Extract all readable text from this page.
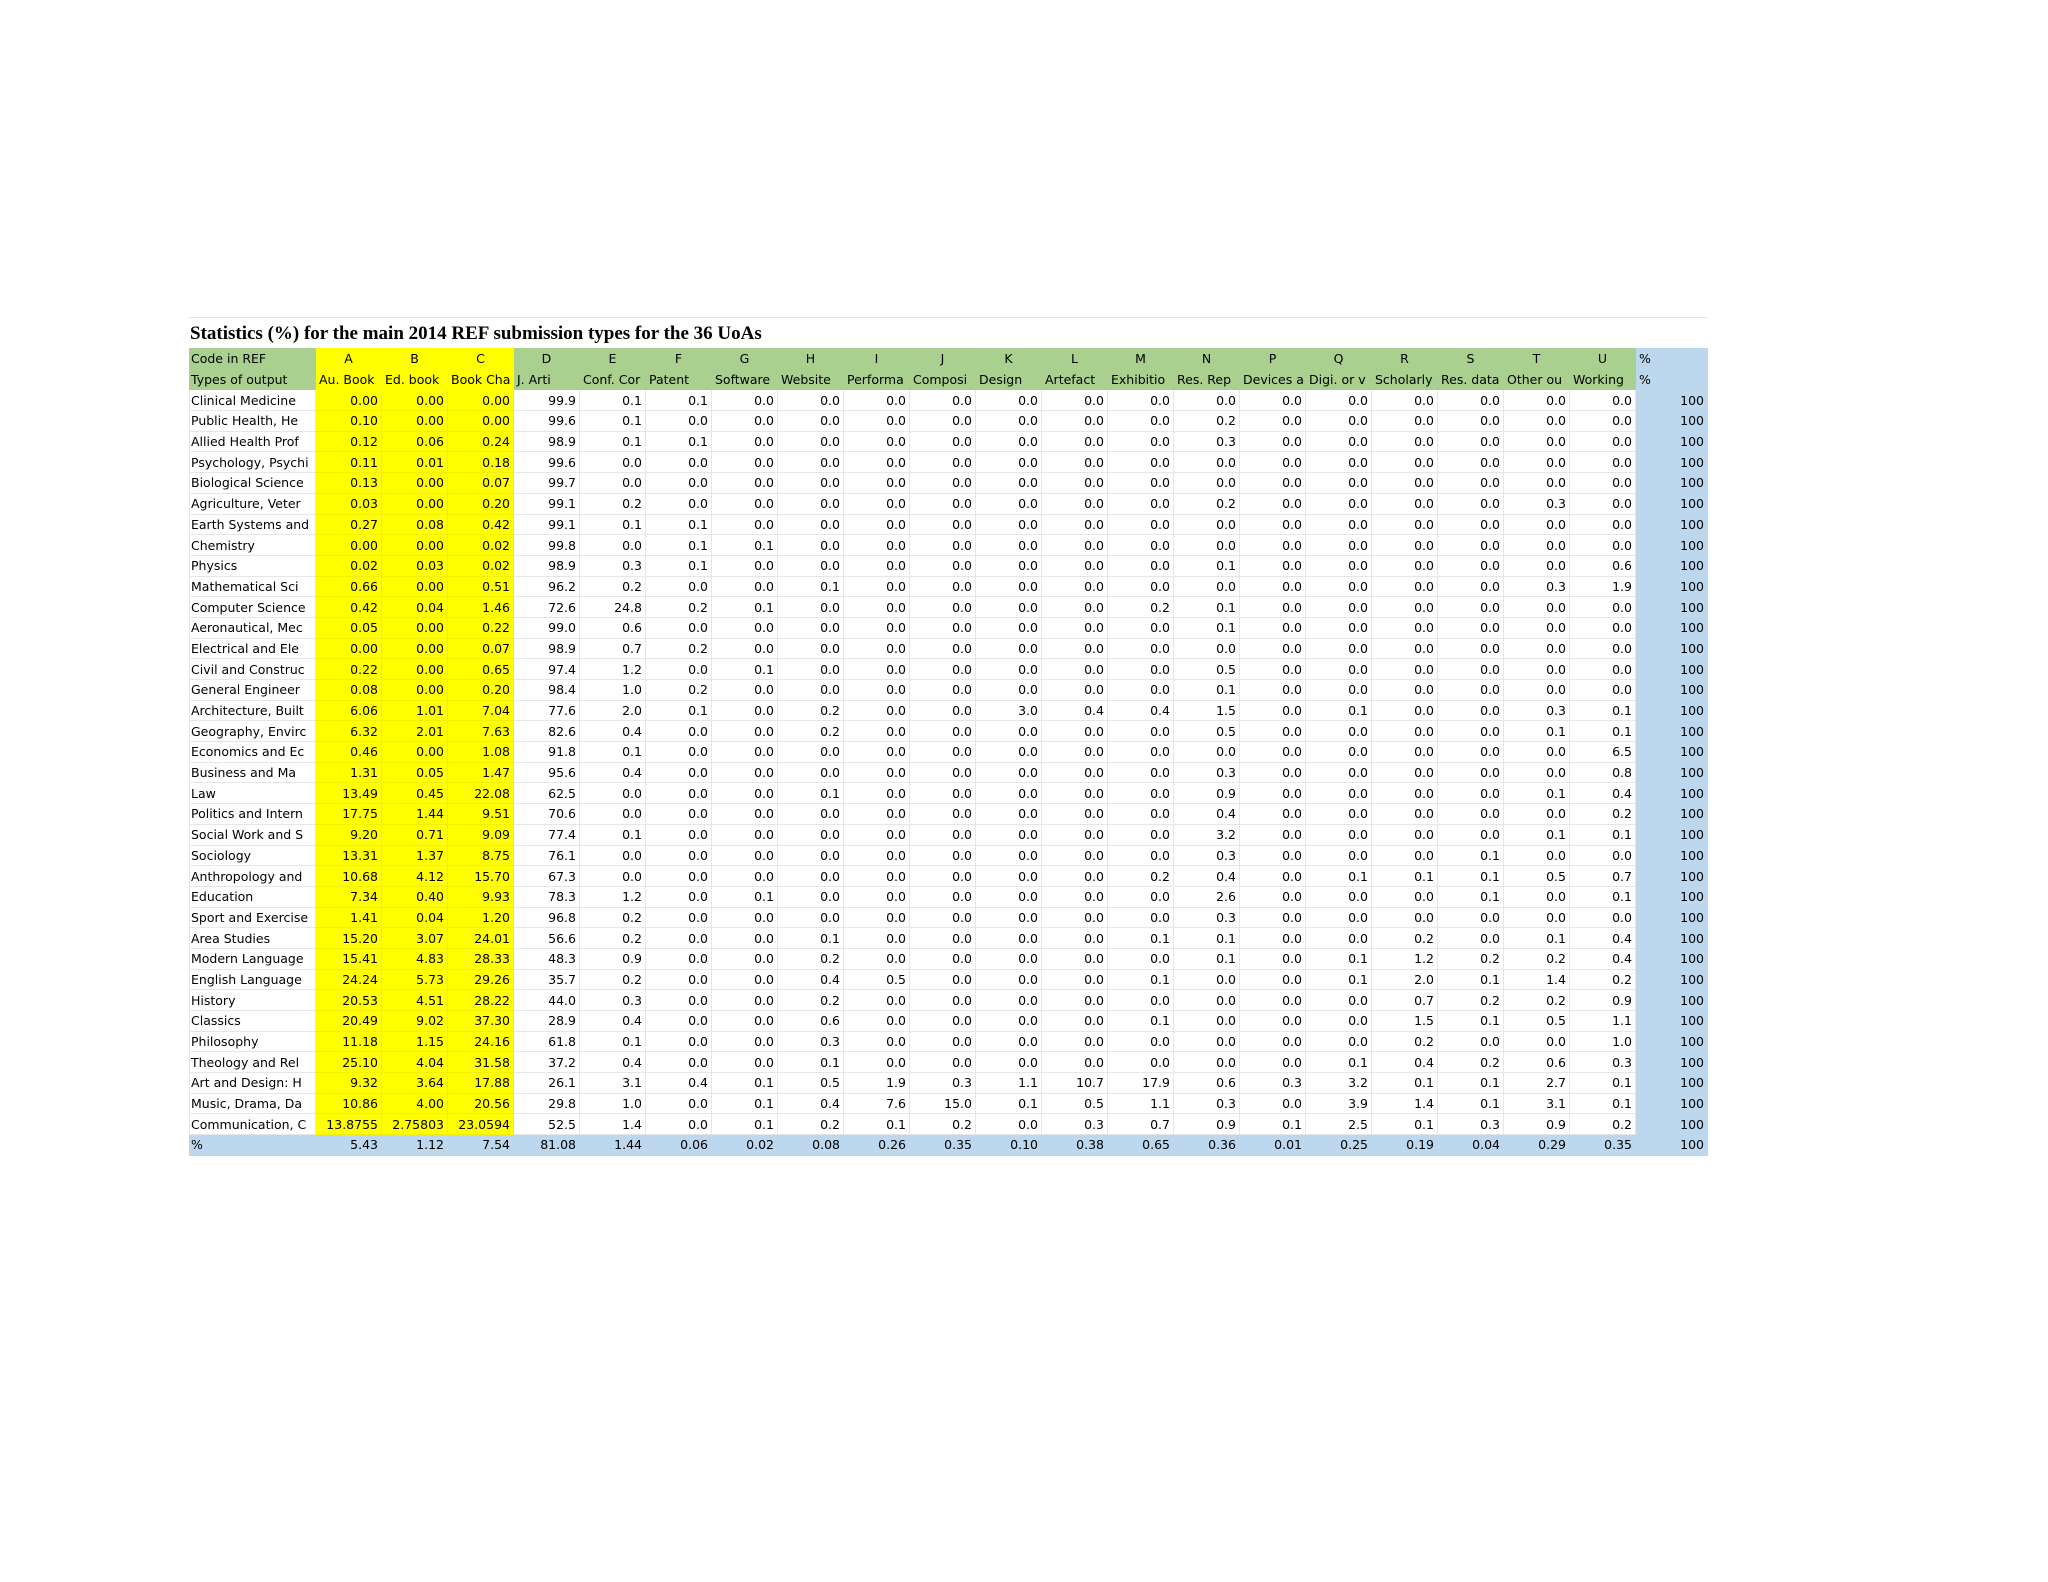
Statistics (%) for the main 2014 REF submission types for the 36 UoAs
Code in REF	A	B	C	D	E	F	G	H	I	J	K	L	M	N	P	Q	R	S	T	U	%
Types of output	Au. Book	Ed. book	Book Cha	J. Arti	Conf. Cor	Patent	Software	Website	Performa	Composi	Design	Artefact	Exhibitio	Res. Rep	Devices a	Digi. or v	Scholarly	Res. data	Other ou	Working	%
Clinical Medicine	0.00	0.00	0.00	99.9	0.1	0.1	0.0	0.0	0.0	0.0	0.0	0.0	0.0	0.0	0.0	0.0	0.0	0.0	0.0	0.0	100
Public Health, He	0.10	0.00	0.00	99.6	0.1	0.0	0.0	0.0	0.0	0.0	0.0	0.0	0.0	0.2	0.0	0.0	0.0	0.0	0.0	0.0	100
Allied Health Prof	0.12	0.06	0.24	98.9	0.1	0.1	0.0	0.0	0.0	0.0	0.0	0.0	0.0	0.3	0.0	0.0	0.0	0.0	0.0	0.0	100
Psychology, Psychi	0.11	0.01	0.18	99.6	0.0	0.0	0.0	0.0	0.0	0.0	0.0	0.0	0.0	0.0	0.0	0.0	0.0	0.0	0.0	0.0	100
Biological Science	0.13	0.00	0.07	99.7	0.0	0.0	0.0	0.0	0.0	0.0	0.0	0.0	0.0	0.0	0.0	0.0	0.0	0.0	0.0	0.0	100
Agriculture, Veter	0.03	0.00	0.20	99.1	0.2	0.0	0.0	0.0	0.0	0.0	0.0	0.0	0.0	0.2	0.0	0.0	0.0	0.0	0.3	0.0	100
Earth Systems and	0.27	0.08	0.42	99.1	0.1	0.1	0.0	0.0	0.0	0.0	0.0	0.0	0.0	0.0	0.0	0.0	0.0	0.0	0.0	0.0	100
Chemistry	0.00	0.00	0.02	99.8	0.0	0.1	0.1	0.0	0.0	0.0	0.0	0.0	0.0	0.0	0.0	0.0	0.0	0.0	0.0	0.0	100
Physics	0.02	0.03	0.02	98.9	0.3	0.1	0.0	0.0	0.0	0.0	0.0	0.0	0.0	0.1	0.0	0.0	0.0	0.0	0.0	0.6	100
Mathematical Sci	0.66	0.00	0.51	96.2	0.2	0.0	0.0	0.1	0.0	0.0	0.0	0.0	0.0	0.0	0.0	0.0	0.0	0.0	0.3	1.9	100
Computer Science	0.42	0.04	1.46	72.6	24.8	0.2	0.1	0.0	0.0	0.0	0.0	0.0	0.2	0.1	0.0	0.0	0.0	0.0	0.0	0.0	100
Aeronautical, Mec	0.05	0.00	0.22	99.0	0.6	0.0	0.0	0.0	0.0	0.0	0.0	0.0	0.0	0.1	0.0	0.0	0.0	0.0	0.0	0.0	100
Electrical and Ele	0.00	0.00	0.07	98.9	0.7	0.2	0.0	0.0	0.0	0.0	0.0	0.0	0.0	0.0	0.0	0.0	0.0	0.0	0.0	0.0	100
Civil and Construc	0.22	0.00	0.65	97.4	1.2	0.0	0.1	0.0	0.0	0.0	0.0	0.0	0.0	0.5	0.0	0.0	0.0	0.0	0.0	0.0	100
General Engineer	0.08	0.00	0.20	98.4	1.0	0.2	0.0	0.0	0.0	0.0	0.0	0.0	0.0	0.1	0.0	0.0	0.0	0.0	0.0	0.0	100
Architecture, Built	6.06	1.01	7.04	77.6	2.0	0.1	0.0	0.2	0.0	0.0	3.0	0.4	0.4	1.5	0.0	0.1	0.0	0.0	0.3	0.1	100
Geography, Envirc	6.32	2.01	7.63	82.6	0.4	0.0	0.0	0.2	0.0	0.0	0.0	0.0	0.0	0.5	0.0	0.0	0.0	0.0	0.1	0.1	100
Economics and Ec	0.46	0.00	1.08	91.8	0.1	0.0	0.0	0.0	0.0	0.0	0.0	0.0	0.0	0.0	0.0	0.0	0.0	0.0	0.0	6.5	100
Business and Ma	1.31	0.05	1.47	95.6	0.4	0.0	0.0	0.0	0.0	0.0	0.0	0.0	0.0	0.3	0.0	0.0	0.0	0.0	0.0	0.8	100
Law	13.49	0.45	22.08	62.5	0.0	0.0	0.0	0.1	0.0	0.0	0.0	0.0	0.0	0.9	0.0	0.0	0.0	0.0	0.1	0.4	100
Politics and Intern	17.75	1.44	9.51	70.6	0.0	0.0	0.0	0.0	0.0	0.0	0.0	0.0	0.0	0.4	0.0	0.0	0.0	0.0	0.0	0.2	100
Social Work and S	9.20	0.71	9.09	77.4	0.1	0.0	0.0	0.0	0.0	0.0	0.0	0.0	0.0	3.2	0.0	0.0	0.0	0.0	0.1	0.1	100
Sociology	13.31	1.37	8.75	76.1	0.0	0.0	0.0	0.0	0.0	0.0	0.0	0.0	0.0	0.3	0.0	0.0	0.0	0.1	0.0	0.0	100
Anthropology and	10.68	4.12	15.70	67.3	0.0	0.0	0.0	0.0	0.0	0.0	0.0	0.0	0.2	0.4	0.0	0.1	0.1	0.1	0.5	0.7	100
Education	7.34	0.40	9.93	78.3	1.2	0.0	0.1	0.0	0.0	0.0	0.0	0.0	0.0	2.6	0.0	0.0	0.0	0.1	0.0	0.1	100
Sport and Exercise	1.41	0.04	1.20	96.8	0.2	0.0	0.0	0.0	0.0	0.0	0.0	0.0	0.0	0.3	0.0	0.0	0.0	0.0	0.0	0.0	100
Area Studies	15.20	3.07	24.01	56.6	0.2	0.0	0.0	0.1	0.0	0.0	0.0	0.0	0.1	0.1	0.0	0.0	0.2	0.0	0.1	0.4	100
Modern Language	15.41	4.83	28.33	48.3	0.9	0.0	0.0	0.2	0.0	0.0	0.0	0.0	0.0	0.1	0.0	0.1	1.2	0.2	0.2	0.4	100
English Language	24.24	5.73	29.26	35.7	0.2	0.0	0.0	0.4	0.5	0.0	0.0	0.0	0.1	0.0	0.0	0.1	2.0	0.1	1.4	0.2	100
History	20.53	4.51	28.22	44.0	0.3	0.0	0.0	0.2	0.0	0.0	0.0	0.0	0.0	0.0	0.0	0.0	0.7	0.2	0.2	0.9	100
Classics	20.49	9.02	37.30	28.9	0.4	0.0	0.0	0.6	0.0	0.0	0.0	0.0	0.1	0.0	0.0	0.0	1.5	0.1	0.5	1.1	100
Philosophy	11.18	1.15	24.16	61.8	0.1	0.0	0.0	0.3	0.0	0.0	0.0	0.0	0.0	0.0	0.0	0.0	0.2	0.0	0.0	1.0	100
Theology and Rel	25.10	4.04	31.58	37.2	0.4	0.0	0.0	0.1	0.0	0.0	0.0	0.0	0.0	0.0	0.0	0.1	0.4	0.2	0.6	0.3	100
Art and Design: H	9.32	3.64	17.88	26.1	3.1	0.4	0.1	0.5	1.9	0.3	1.1	10.7	17.9	0.6	0.3	3.2	0.1	0.1	2.7	0.1	100
Music, Drama, Da	10.86	4.00	20.56	29.8	1.0	0.0	0.1	0.4	7.6	15.0	0.1	0.5	1.1	0.3	0.0	3.9	1.4	0.1	3.1	0.1	100
Communication, C	13.8755	2.75803	23.0594	52.5	1.4	0.0	0.1	0.2	0.1	0.2	0.0	0.3	0.7	0.9	0.1	2.5	0.1	0.3	0.9	0.2	100
%	5.43	1.12	7.54	81.08	1.44	0.06	0.02	0.08	0.26	0.35	0.10	0.38	0.65	0.36	0.01	0.25	0.19	0.04	0.29	0.35	100
